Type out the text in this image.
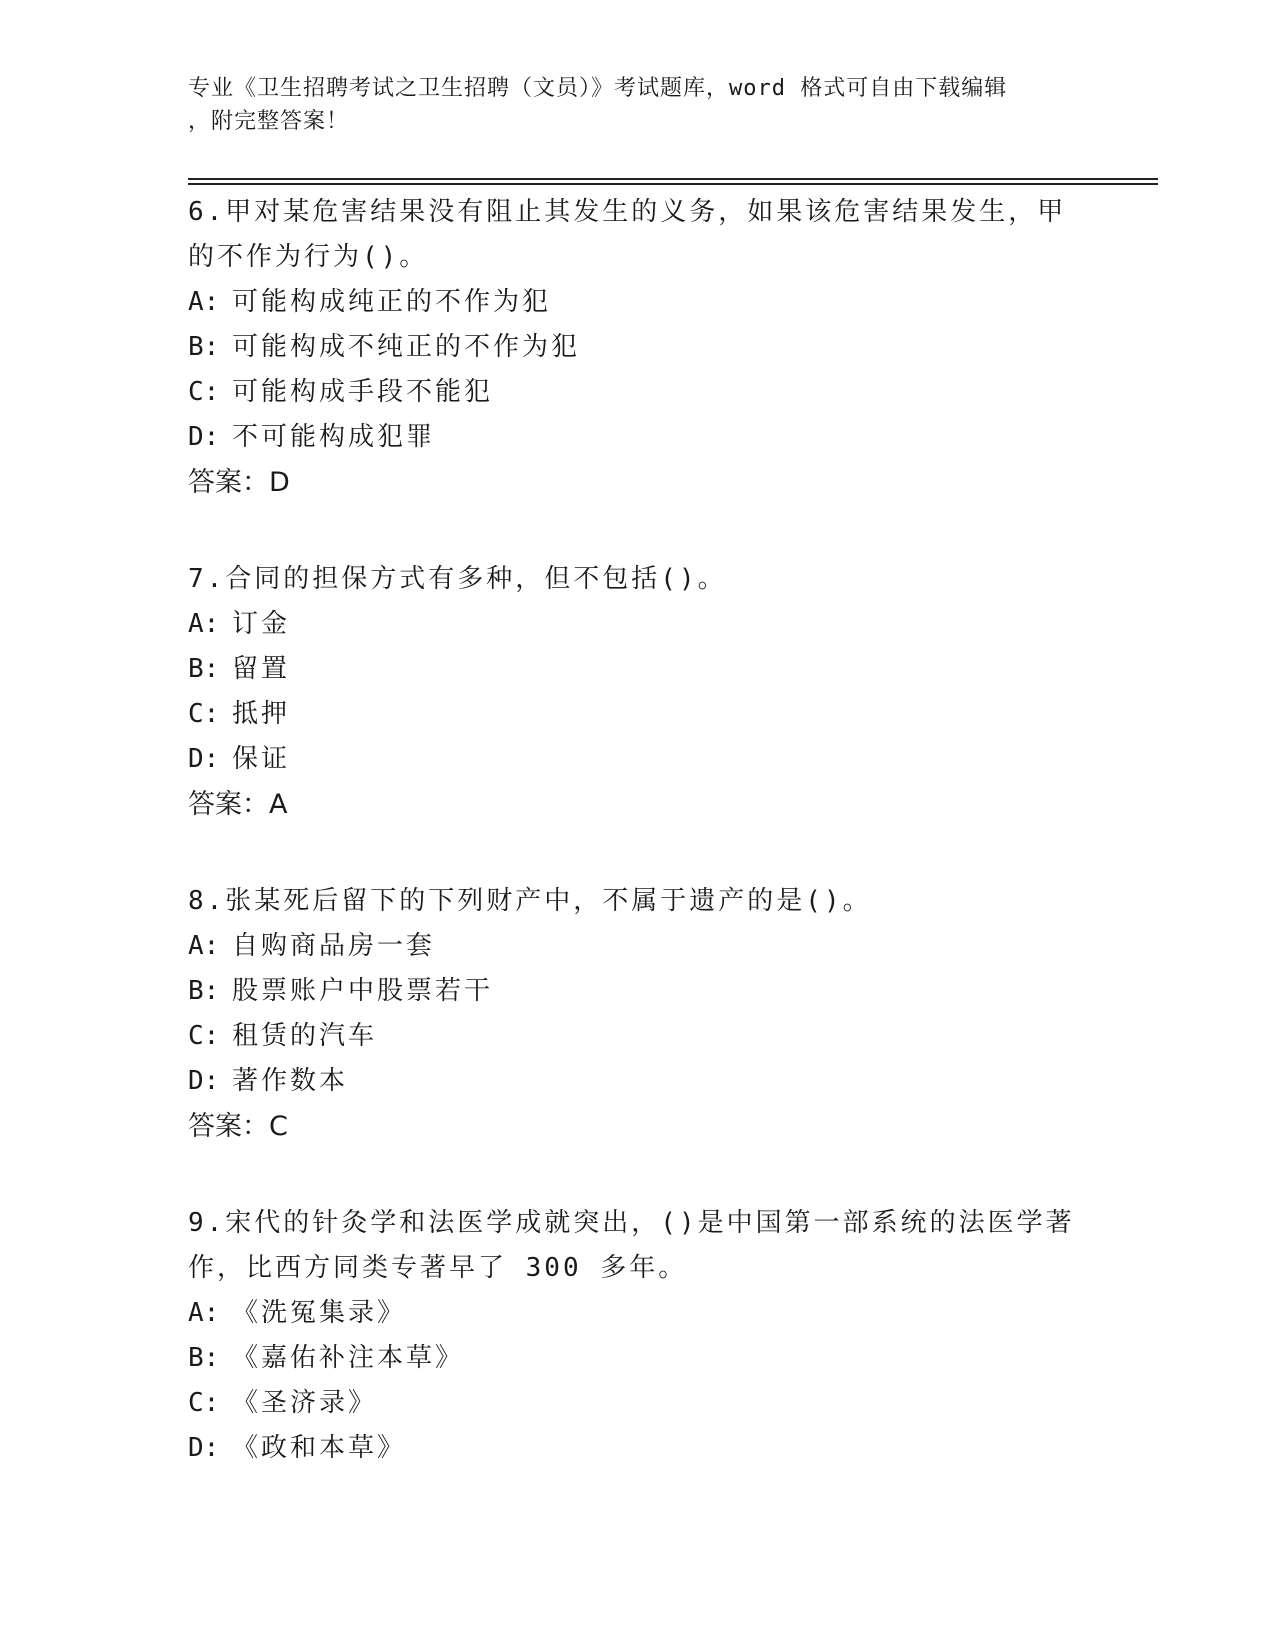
专业《卫生招聘考试之卫生招聘（文员）》考试题库，word 格式可自由下载编辑
，附完整答案！

6.甲对某危害结果没有阻止其发生的义务，如果该危害结果发生，甲

的不作为行为()。

A: 可能构成纯正的不作为犯

B: 可能构成不纯正的不作为犯

C: 可能构成手段不能犯

D: 不可能构成犯罪

答案：D

7.合同的担保方式有多种，但不包括()。

A: 订金

B: 留置

C: 抵押

D: 保证

答案：A

8.张某死后留下的下列财产中，不属于遗产的是()。

A: 自购商品房一套

B: 股票账户中股票若干

C: 租赁的汽车

D: 著作数本

答案：C

9.宋代的针灸学和法医学成就突出，()是中国第一部系统的法医学著

作，比西方同类专著早了 300 多年。

A: 《洗冤集录》

B: 《嘉佑补注本草》

C: 《圣济录》

D: 《政和本草》
